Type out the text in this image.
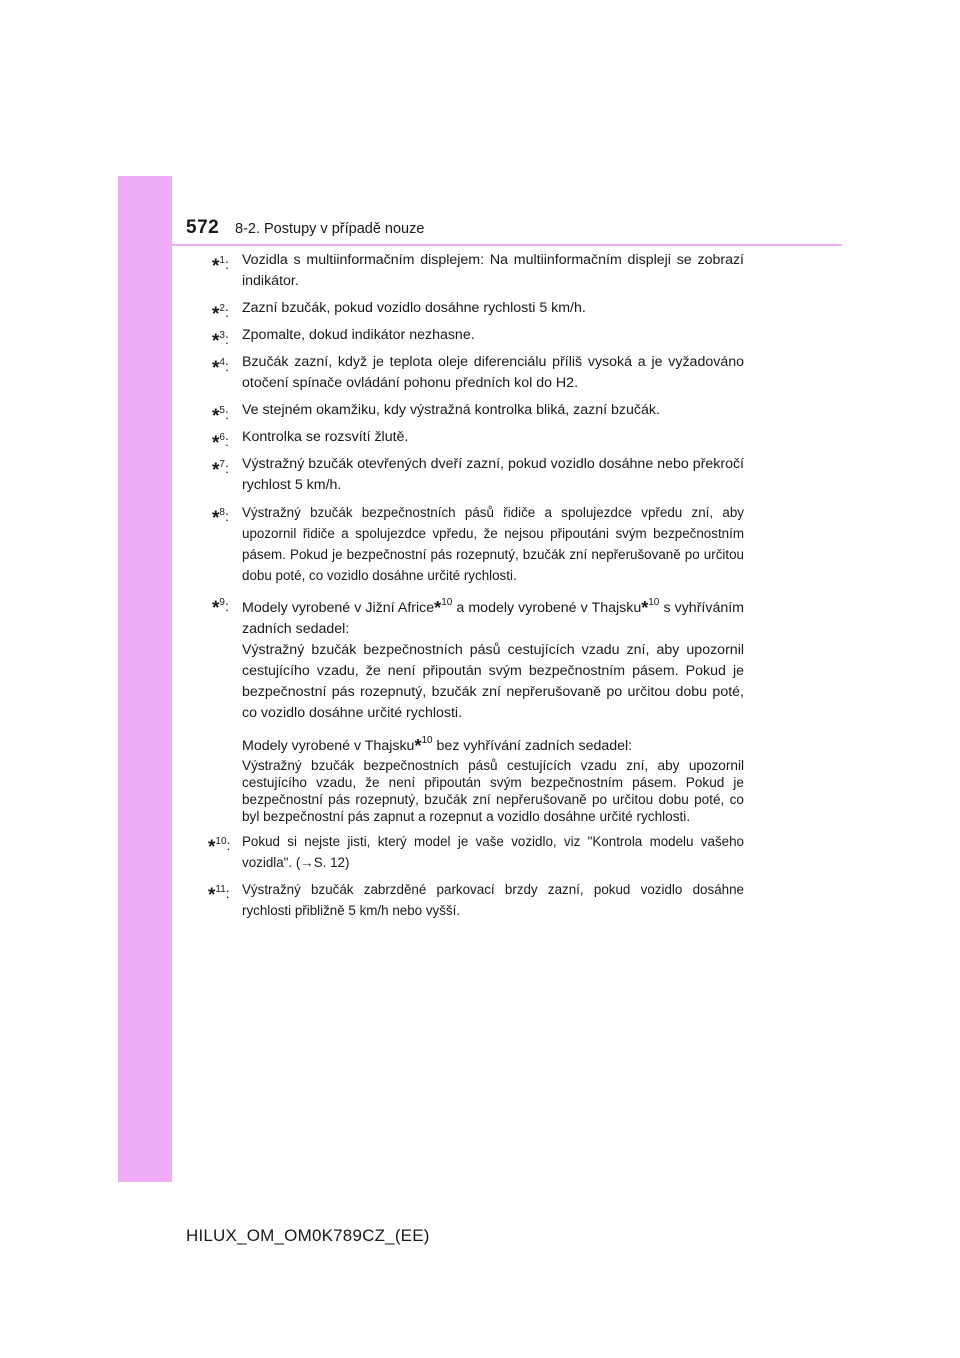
572 8-2. Postupy v případě nouze
*$^1$: Vozidla s multiinformačním displejem: Na multiinformačním displeji se zobrazí indikátor.

*$^2$: Zazní bzučák, pokud vozidlo dosáhne rychlosti 5 km/h.

*$^3$: Zpomalte, dokud indikátor nezhasne.

*$^4$: Bzučák zazní, když je teplota oleje diferenciálu příliš vysoká a je vyžadováno otočení spínače ovládání pohonu předních kol do H2.

*$^5$: Ve stejném okamžiku, kdy výstražná kontrolka bliká, zazní bzučák.

*$^6$: Kontrolka se rozsvítí žlutě.

*$^7$: Výstražný bzučák otevřených dveří zazní, pokud vozidlo dosáhne nebo překročí rychlost 5 km/h.

*$^8$: Výstražný bzučák bezpečnostních pásů řidiče a spolujezdce vpředu zní, aby upozornil řidiče a spolujezdce vpředu, že nejsou připoutáni svým bezpečnostním pásem. Pokud je bezpečnostní pás rozepnutý, bzučák zní nepřerušovaně po určitou dobu poté, co vozidlo dosáhne určité rychlosti.

*$^9$: Modely vyrobené v Jižní Africe*$^{10}$ a modely vyrobené v Thajsku*$^{10}$ s vyhříváním zadních sedadel:

Výstražný bzučák bezpečnostních pásů cestujících vzadu zní, aby upozornil cestujícího vzadu, že není připoután svým bezpečnostním pásem. Pokud je bezpečnostní pás rozepnutý, bzučák zní nepřerušovaně po určitou dobu poté, co vozidlo dosáhne určité rychlosti.

Modely vyrobené v Thajsku*$^{10}$ bez vyhřívání zadních sedadel:

Výstražný bzučák bezpečnostních pásů cestujících vzadu zní, aby upozornil cestujícího vzadu, že není připoután svým bezpečnostním pásem. Pokud je bezpečnostní pás rozepnutý, bzučák zní nepřerušovaně po určitou dobu poté, co byl bezpečnostní pás zapnut a rozepnut a vozidlo dosáhne určité rychlosti.

*$^{10}$: Pokud si nejste jisti, který model je vaše vozidlo, viz "Kontrola modelu vašeho vozidla". (→S. 12)

*$^{11}$: Výstražný bzučák zabrzděné parkovací brzdy zazní, pokud vozidlo dosáhne rychlosti přibližně 5 km/h nebo vyšší.

HILUX_OM_OM0K789CZ_(EE)
